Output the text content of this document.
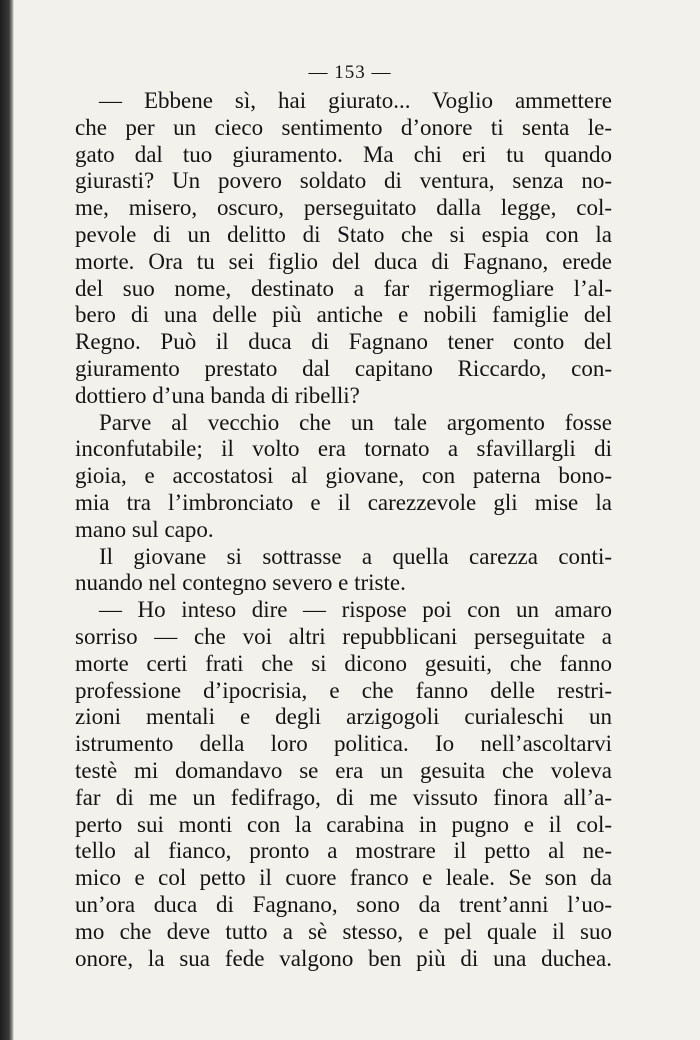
— 153 —
— Ebbene sì, hai giurato... Voglio ammettere
che per un cieco sentimento d’onore ti senta le-
gato dal tuo giuramento. Ma chi eri tu quando
giurasti? Un povero soldato di ventura, senza no-
me, misero, oscuro, perseguitato dalla legge, col-
pevole di un delitto di Stato che si espia con la
morte. Ora tu sei figlio del duca di Fagnano, erede
del suo nome, destinato a far rigermogliare l’al-
bero di una delle più antiche e nobili famiglie del
Regno. Può il duca di Fagnano tener conto del
giuramento prestato dal capitano Riccardo, con-
dottiero d’una banda di ribelli?
Parve al vecchio che un tale argomento fosse
inconfutabile; il volto era tornato a sfavillargli di
gioia, e accostatosi al giovane, con paterna bono-
mia tra l’imbronciato e il carezzevole gli mise la
mano sul capo.
Il giovane si sottrasse a quella carezza conti-
nuando nel contegno severo e triste.
— Ho inteso dire — rispose poi con un amaro
sorriso — che voi altri repubblicani perseguitate a
morte certi frati che si dicono gesuiti, che fanno
professione d’ipocrisia, e che fanno delle restri-
zioni mentali e degli arzigogoli curialeschi un
istrumento della loro politica. Io nell’ascoltarvi
testè mi domandavo se era un gesuita che voleva
far di me un fedifrago, di me vissuto finora all’a-
perto sui monti con la carabina in pugno e il col-
tello al fianco, pronto a mostrare il petto al ne-
mico e col petto il cuore franco e leale. Se son da
un’ora duca di Fagnano, sono da trent’anni l’uo-
mo che deve tutto a sè stesso, e pel quale il suo
onore, la sua fede valgono ben più di una duchea.
